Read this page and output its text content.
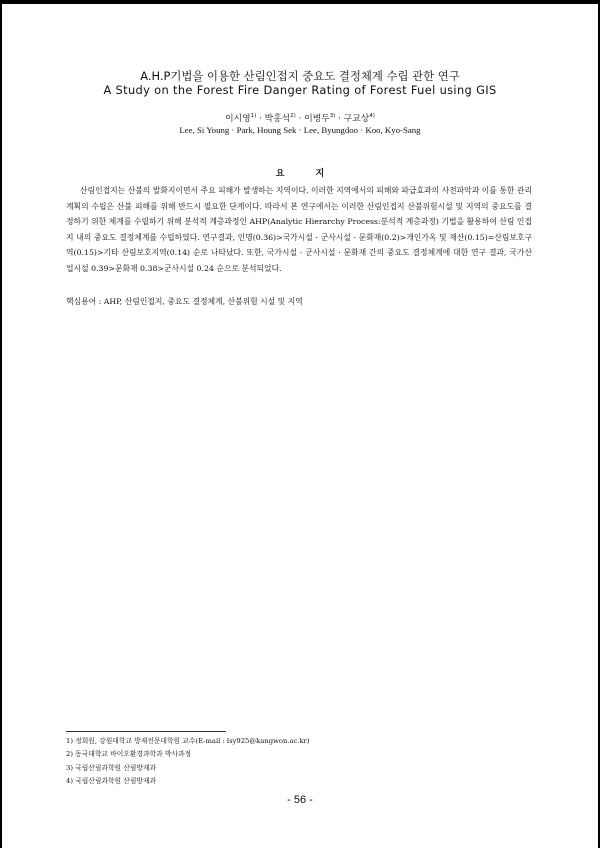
A.H.P기법을 이용한 산림인접지 중요도 결정체계 수립 관한 연구
A Study on the Forest Fire Danger Rating of Forest Fuel using GIS
이시영$^{1)}$ · 박홍석$^{2)}$ · 이병두$^{3)}$ · 구교상$^{4)}$
Lee, Si Young · Park, Houng Sek · Lee, Byungdoo · Koo, Kyo-Sang
요 지

산림인접지는 산불의 발화지이면서 주요 피해가 발생하는 지역이다. 이러한 지역에서의 피해와 파급효과의 사전파악과 이를 통한 관리 계획의 수립은 산불 피해를 위해 반드시 필요한 단계이다. 따라서 본 연구에서는 이러한 산림인접지 산불위험시설 및 지역의 중요도를 결정하기 위한 체계를 수립하기 위해 분석적 계층과정인 AHP(Analytic Hierarchy Process:분석적 계층과정) 기법을 활용하여 산림 인접지 내의 중요도 결정체계를 수립하였다. 연구결과, 인명(0.36)>국가시설 · 군사시설 · 문화재(0.2)>개인가옥 및 재산(0.15)=산림보호구역(0.15)>기타 산림보호지역(0.14) 순로 나타났다. 또한, 국가시설 · 군사시설 · 문화재 간의 중요도 결정체계에 대한 연구 결과, 국가산업시설 0.39>문화재 0.38>군사시설 0.24 순으로 분석되었다.

핵심용어 : AHP, 산림인접지, 중요도 결정체계, 산불위험 시설 및 지역

1) 정회원, 강원대학교 방재전문대학원 교수(E-mail : lsy925@kangwon.ac.kr)
2) 동국대학교 바이오환경과학과 박사과정
3) 국립산림과학원 산림방재과
4) 국립산림과학원 산림방재과
- 56 -
